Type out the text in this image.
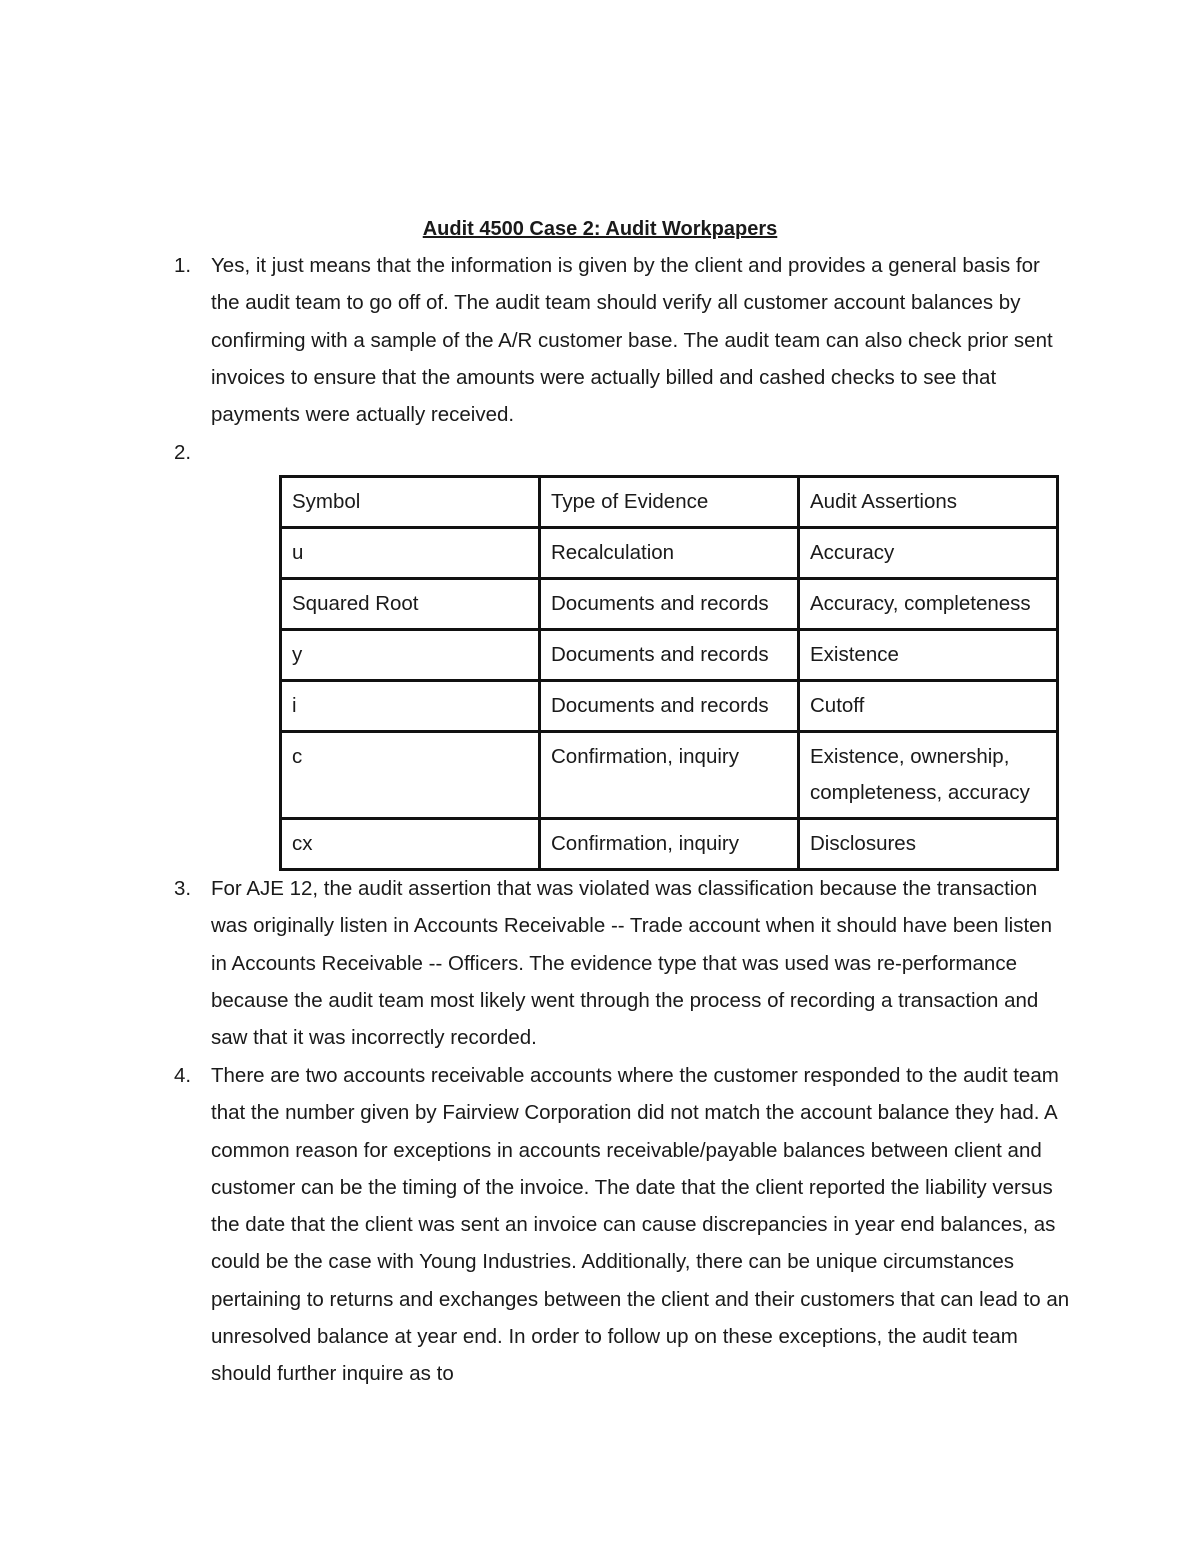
Audit 4500 Case 2: Audit Workpapers
1. Yes, it just means that the information is given by the client and provides a general basis for the audit team to go off of. The audit team should verify all customer account balances by confirming with a sample of the A/R customer base. The audit team can also check prior sent invoices to ensure that the amounts were actually billed and cashed checks to see that payments were actually received.
2.
Symbol	Type of Evidence	Audit Assertions
u	Recalculation	Accuracy
Squared Root	Documents and records	Accuracy, completeness
y	Documents and records	Existence
i	Documents and records	Cutoff
c	Confirmation, inquiry	Existence, ownership, completeness, accuracy
cx	Confirmation, inquiry	Disclosures
3. For AJE 12, the audit assertion that was violated was classification because the transaction was originally listen in Accounts Receivable -- Trade account when it should have been listen in Accounts Receivable -- Officers. The evidence type that was used was re-performance because the audit team most likely went through the process of recording a transaction and saw that it was incorrectly recorded.
4. There are two accounts receivable accounts where the customer responded to the audit team that the number given by Fairview Corporation did not match the account balance they had. A common reason for exceptions in accounts receivable/payable balances between client and customer can be the timing of the invoice. The date that the client reported the liability versus the date that the client was sent an invoice can cause discrepancies in year end balances, as could be the case with Young Industries. Additionally, there can be unique circumstances pertaining to returns and exchanges between the client and their customers that can lead to an unresolved balance at year end. In order to follow up on these exceptions, the audit team should further inquire as to
